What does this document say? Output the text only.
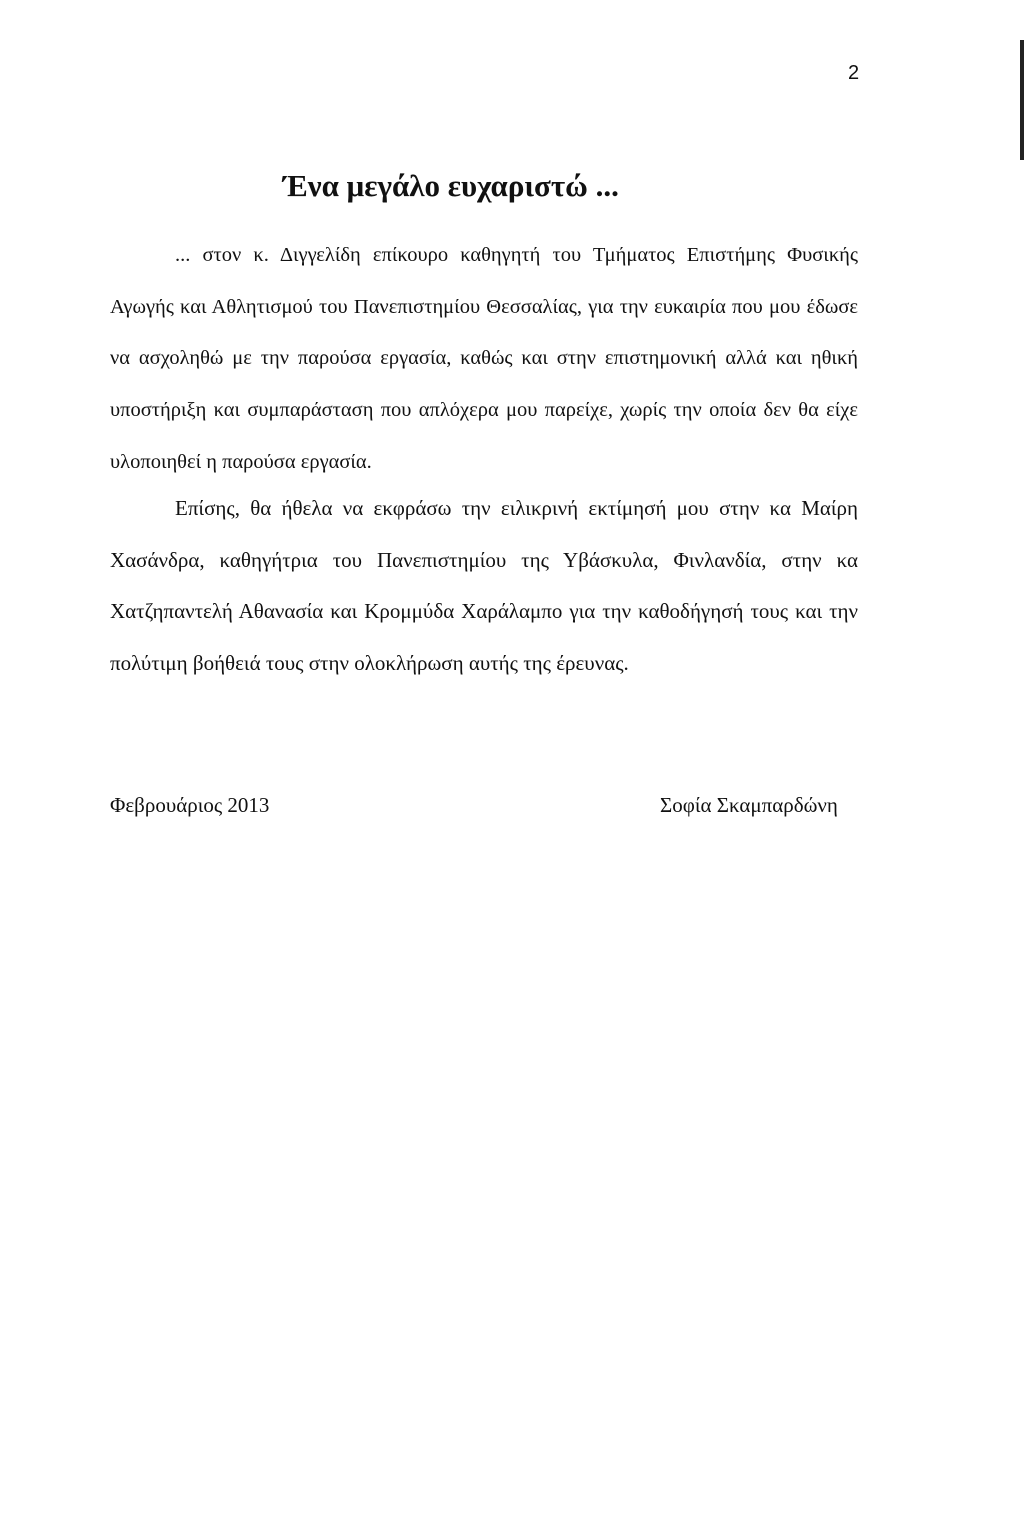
2
Ένα μεγάλο ευχαριστώ ...
... στον κ. Διγγελίδη επίκουρο καθηγητή του Τμήματος Επιστήμης Φυσικής Αγωγής και Αθλητισμού του Πανεπιστημίου Θεσσαλίας, για την ευκαιρία που μου έδωσε να ασχοληθώ με την παρούσα εργασία, καθώς και στην επιστημονική αλλά και ηθική υποστήριξη και συμπαράσταση που απλόχερα μου παρείχε, χωρίς την οποία δεν θα είχε υλοποιηθεί η παρούσα εργασία.
Επίσης, θα ήθελα να εκφράσω την ειλικρινή εκτίμησή μου στην κα Μαίρη Χασάνδρα, καθηγήτρια του Πανεπιστημίου της Υβάσκυλα, Φινλανδία, στην κα Χατζηπαντελή Αθανασία και Κρομμύδα Χαράλαμπο για την καθοδήγησή τους και την πολύτιμη βοήθειά τους στην ολοκλήρωση αυτής της έρευνας.
Φεβρουάριος 2013	Σοφία Σκαμπαρδώνη
